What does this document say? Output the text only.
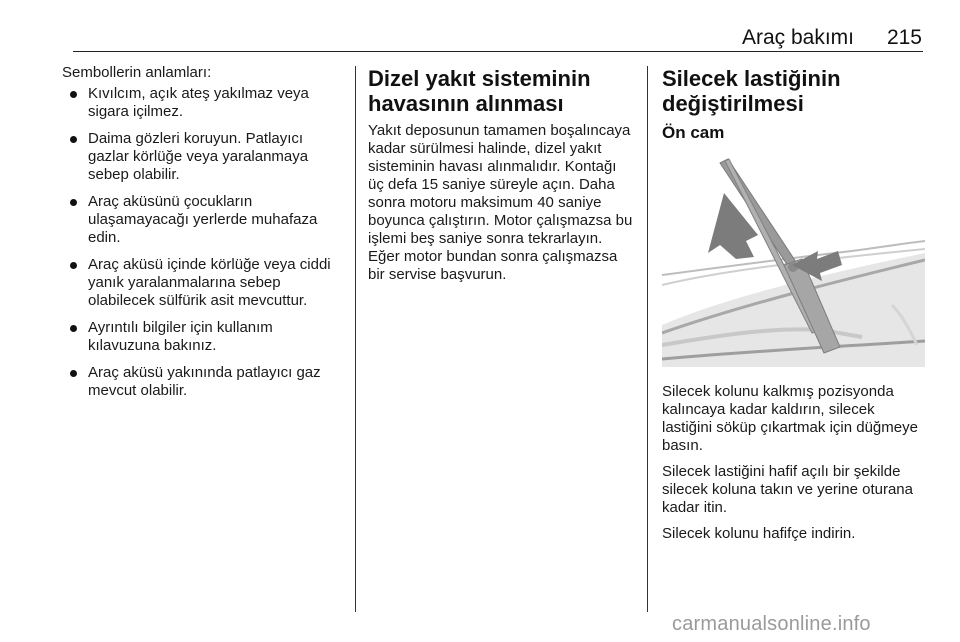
Araç bakımı 215
Sembollerin anlamları:
Kıvılcım, açık ateş yakılmaz veya sigara içilmez.
Daima gözleri koruyun. Patlayıcı gazlar körlüğe veya yaralanmaya sebep olabilir.
Araç aküsünü çocukların ulaşamayacağı yerlerde muhafaza edin.
Araç aküsü içinde körlüğe veya ciddi yanık yaralanmalarına sebep olabilecek sülfürik asit mevcuttur.
Ayrıntılı bilgiler için kullanım kılavuzuna bakınız.
Araç aküsü yakınında patlayıcı gaz mevcut olabilir.
Dizel yakıt sisteminin havasının alınması

Yakıt deposunun tamamen boşalıncaya kadar sürülmesi halinde, dizel yakıt sisteminin havası alınmalıdır. Kontağı üç defa 15 saniye süreyle açın. Daha sonra motoru maksimum 40 saniye boyunca çalıştırın. Motor çalışmazsa bu işlemi beş saniye sonra tekrarlayın. Eğer motor bundan sonra çalışmazsa bir servise başvurun.

Silecek lastiğinin değiştirilmesi
Ön cam

Silecek kolunu kalkmış pozisyonda kalıncaya kadar kaldırın, silecek lastiğini söküp çıkartmak için düğmeye basın.

Silecek lastiğini hafif açılı bir şekilde silecek koluna takın ve yerine oturana kadar itin.

Silecek kolunu hafifçe indirin.

carmanualsonline.info
